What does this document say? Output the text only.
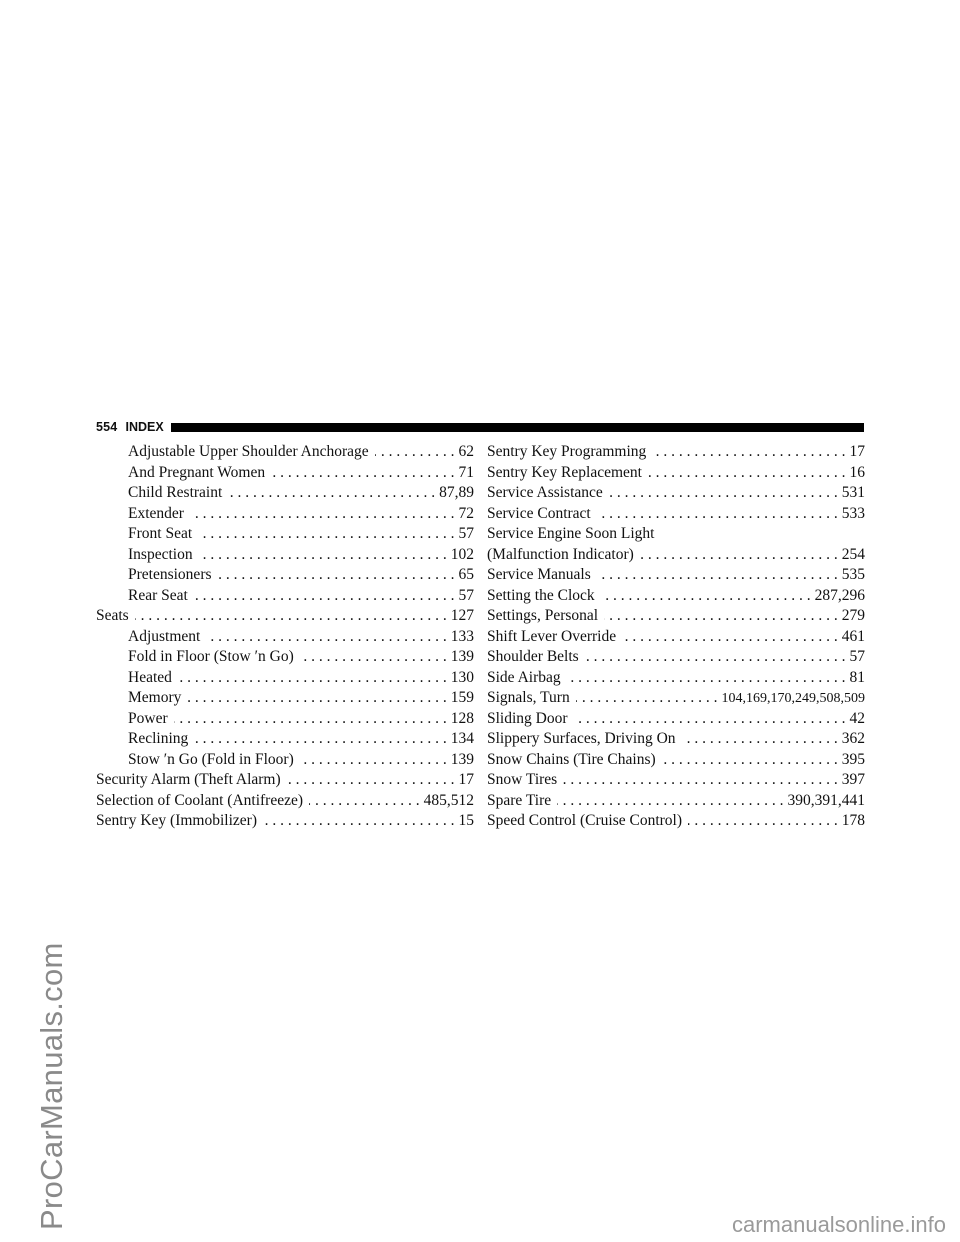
554 INDEX
Adjustable Upper Shoulder Anchorage . . .	62
And Pregnant Women . . .	71
Child Restraint . . .	87,89
Extender . . .	72
Front Seat . . .	57
Inspection . . .	102
Pretensioners . . .	65
Rear Seat . . .	57
Seats . . .	127
Adjustment . . .	133
Fold in Floor (Stow ′n Go) . . .	139
Heated . . .	130
Memory . . .	159
Power . . .	128
Reclining . . .	134
Stow ′n Go (Fold in Floor) . . .	139
Security Alarm (Theft Alarm) . . .	17
Selection of Coolant (Antifreeze) . . .	485,512
Sentry Key (Immobilizer) . . .	15
Sentry Key Programming . . .	17
Sentry Key Replacement . . .	16
Service Assistance . . .	531
Service Contract . . .	533
Service Engine Soon Light
(Malfunction Indicator) . . .	254
Service Manuals . . .	535
Setting the Clock . . .	287,296
Settings, Personal . . .	279
Shift Lever Override . . .	461
Shoulder Belts . . .	57
Side Airbag . . .	81
Signals, Turn . . .	104,169,170,249,508,509
Sliding Door . . .	42
Slippery Surfaces, Driving On . . .	362
Snow Chains (Tire Chains) . . .	395
Snow Tires . . .	397
Spare Tire . . .	390,391,441
Speed Control (Cruise Control) . . .	178
ProCarManuals.com	carmanualsonline.info
